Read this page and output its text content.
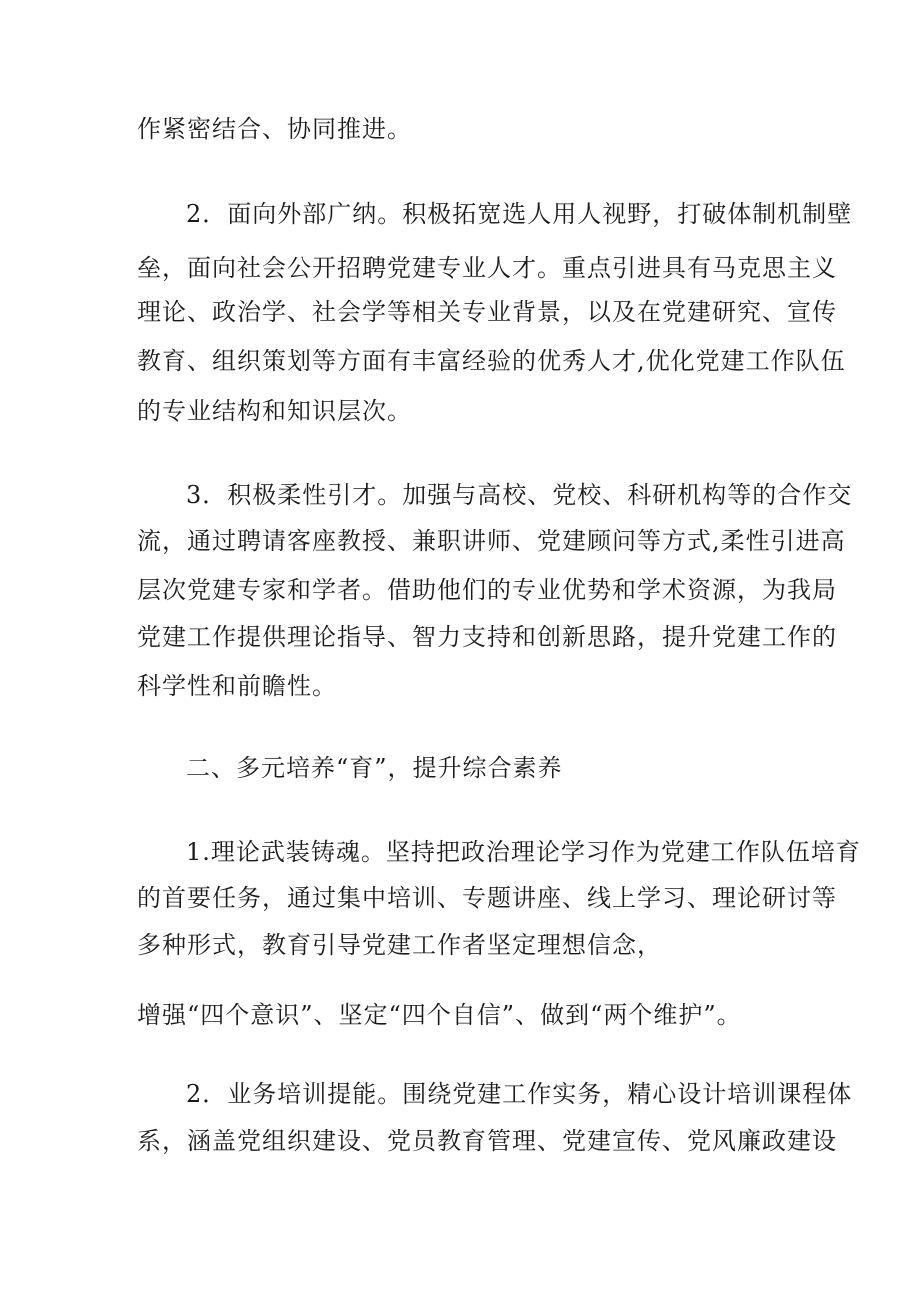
作紧密结合、协同推进。
2．面向外部广纳。积极拓宽选人用人视野，打破体制机制壁
垒，面向社会公开招聘党建专业人才。重点引进具有马克思主义
理论、政治学、社会学等相关专业背景，以及在党建研究、宣传
教育、组织策划等方面有丰富经验的优秀人才,优化党建工作队伍
的专业结构和知识层次。
3．积极柔性引才。加强与高校、党校、科研机构等的合作交
流，通过聘请客座教授、兼职讲师、党建顾问等方式,柔性引进高
层次党建专家和学者。借助他们的专业优势和学术资源，为我局
党建工作提供理论指导、智力支持和创新思路，提升党建工作的
科学性和前瞻性。
二、多元培养“育”，提升综合素养
1.理论武装铸魂。坚持把政治理论学习作为党建工作队伍培育
的首要任务，通过集中培训、专题讲座、线上学习、理论研讨等
多种形式，教育引导党建工作者坚定理想信念，
增强“四个意识”、坚定“四个自信”、做到“两个维护”。
2．业务培训提能。围绕党建工作实务，精心设计培训课程体
系，涵盖党组织建设、党员教育管理、党建宣传、党风廉政建设
